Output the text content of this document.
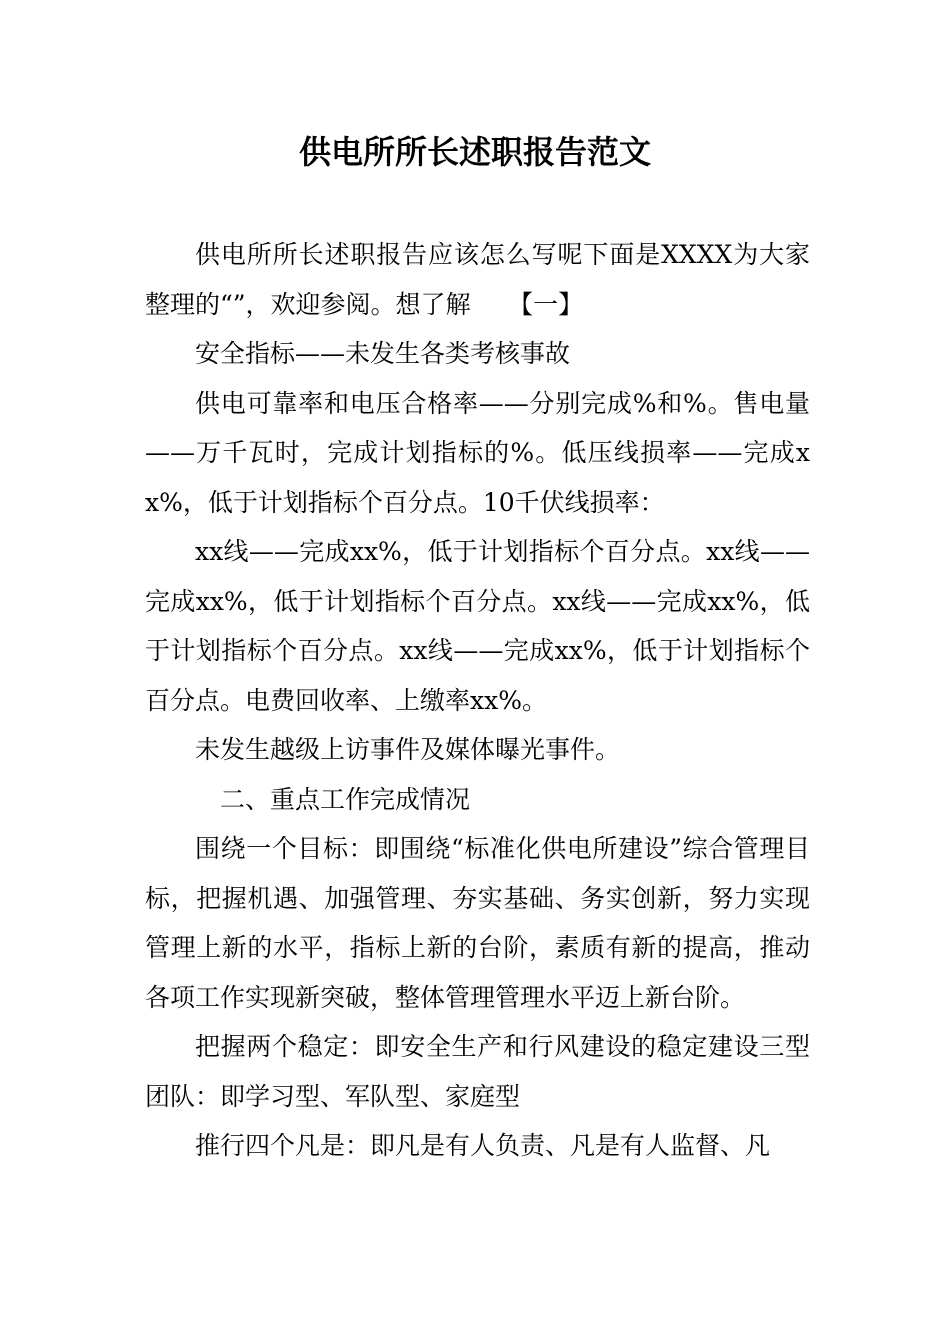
供电所所长述职报告范文

供电所所长述职报告应该怎么写呢下面是XXXX为大家整理的“”，欢迎参阅。想了解　　【一】

安全指标——未发生各类考核事故

供电可靠率和电压合格率——分别完成%和%。售电量——万千瓦时，完成计划指标的%。低压线损率——完成xx%，低于计划指标个百分点。10千伏线损率：

xx线——完成xx%，低于计划指标个百分点。xx线——完成xx%，低于计划指标个百分点。xx线——完成xx%，低于计划指标个百分点。xx线——完成xx%，低于计划指标个百分点。电费回收率、上缴率xx%。

未发生越级上访事件及媒体曝光事件。

二、重点工作完成情况

围绕一个目标：即围绕“标准化供电所建设”综合管理目标，把握机遇、加强管理、夯实基础、务实创新，努力实现管理上新的水平，指标上新的台阶，素质有新的提高，推动各项工作实现新突破，整体管理管理水平迈上新台阶。

把握两个稳定：即安全生产和行风建设的稳定建设三型团队：即学习型、军队型、家庭型

推行四个凡是：即凡是有人负责、凡是有人监督、凡
